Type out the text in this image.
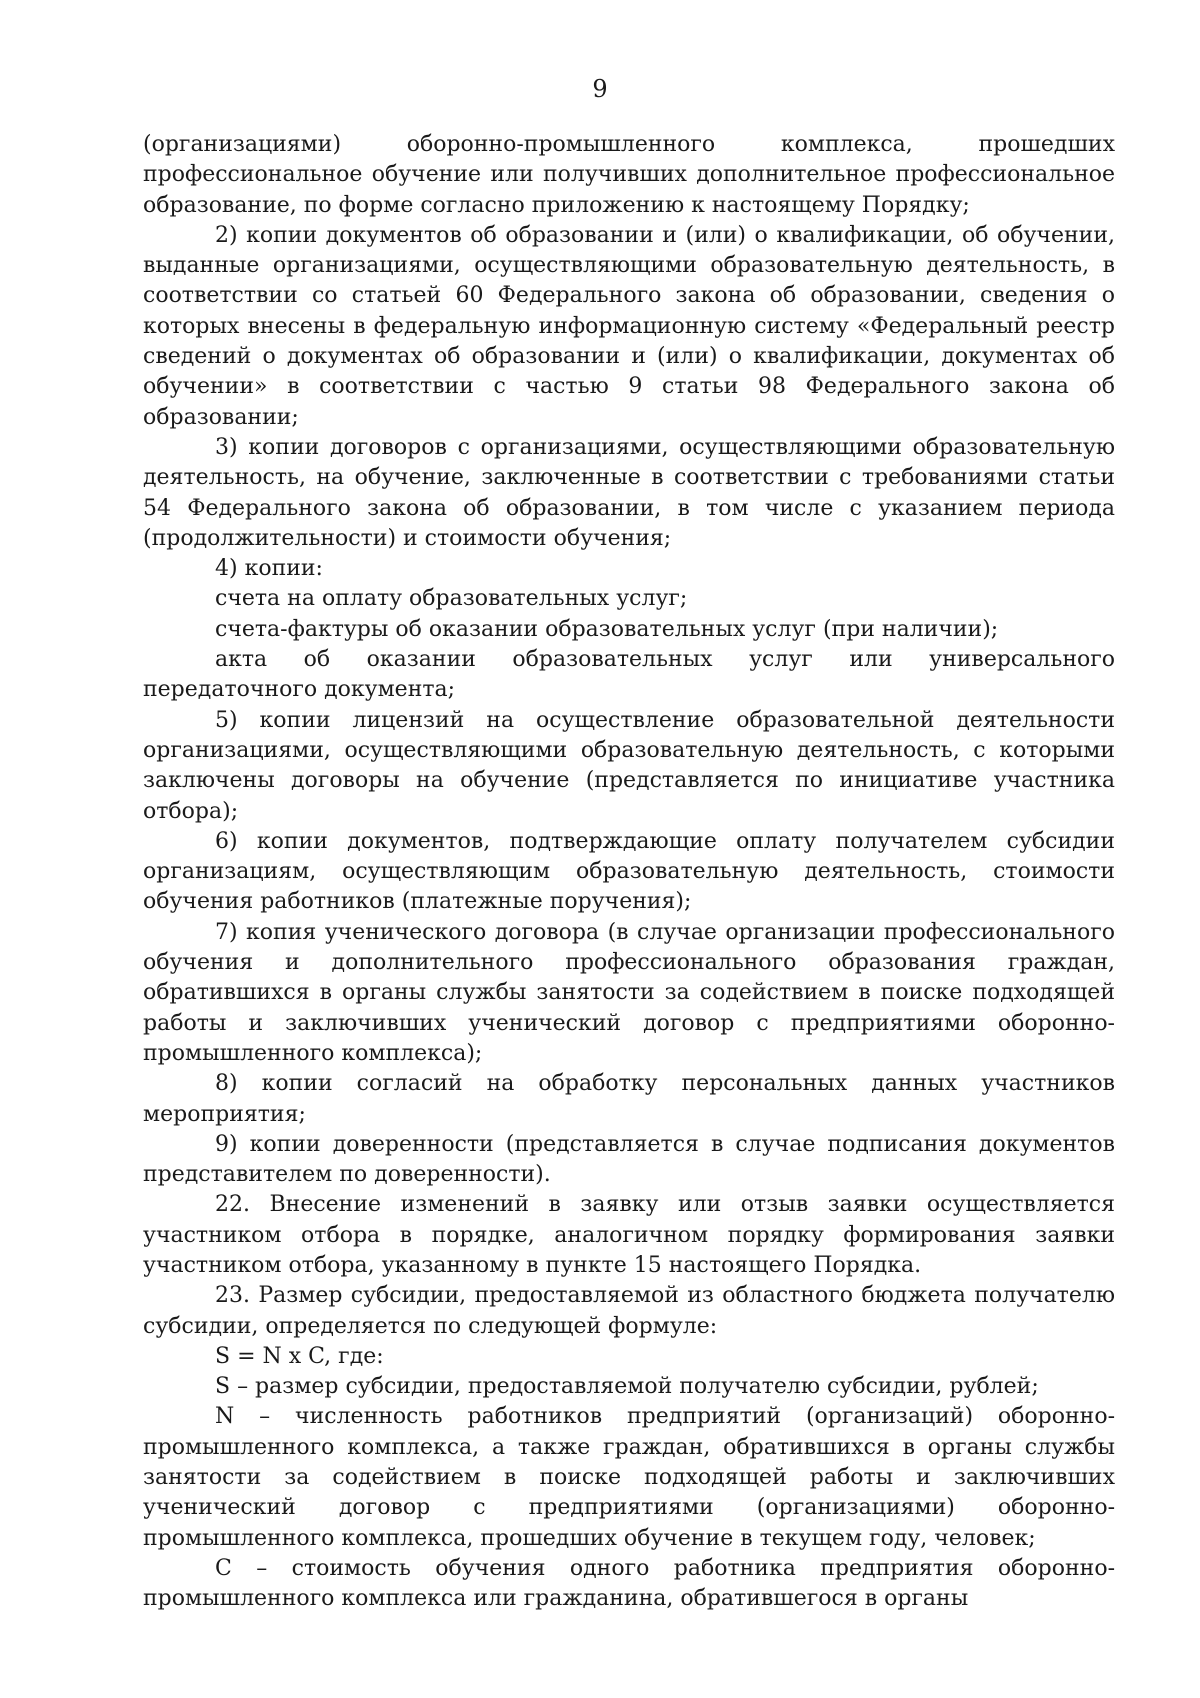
9

(организациями) оборонно-промышленного комплекса, прошедших профессиональное обучение или получивших дополнительное профессиональное образование, по форме согласно приложению к настоящему Порядку;

2) копии документов об образовании и (или) о квалификации, об обучении, выданные организациями, осуществляющими образовательную деятельность, в соответствии со статьей 60 Федерального закона об образовании, сведения о которых внесены в федеральную информационную систему «Федеральный реестр сведений о документах об образовании и (или) о квалификации, документах об обучении» в соответствии с частью 9 статьи 98 Федерального закона об образовании;

3) копии договоров с организациями, осуществляющими образовательную деятельность, на обучение, заключенные в соответствии с требованиями статьи 54 Федерального закона об образовании, в том числе с указанием периода (продолжительности) и стоимости обучения;

4) копии:

счета на оплату образовательных услуг;

счета-фактуры об оказании образовательных услуг (при наличии);

акта об оказании образовательных услуг или универсального передаточного документа;

5) копии лицензий на осуществление образовательной деятельности организациями, осуществляющими образовательную деятельность, с которыми заключены договоры на обучение (представляется по инициативе участника отбора);

6) копии документов, подтверждающие оплату получателем субсидии организациям, осуществляющим образовательную деятельность, стоимости обучения работников (платежные поручения);

7) копия ученического договора (в случае организации профессионального обучения и дополнительного профессионального образования граждан, обратившихся в органы службы занятости за содействием в поиске подходящей работы и заключивших ученический договор с предприятиями оборонно-промышленного комплекса);

8) копии согласий на обработку персональных данных участников мероприятия;

9) копии доверенности (представляется в случае подписания документов представителем по доверенности).

22. Внесение изменений в заявку или отзыв заявки осуществляется участником отбора в порядке, аналогичном порядку формирования заявки участником отбора, указанному в пункте 15 настоящего Порядка.

23. Размер субсидии, предоставляемой из областного бюджета получателю субсидии, определяется по следующей формуле:

S = N x C, где:

S – размер субсидии, предоставляемой получателю субсидии, рублей;

N – численность работников предприятий (организаций) оборонно-промышленного комплекса, а также граждан, обратившихся в органы службы занятости за содействием в поиске подходящей работы и заключивших ученический договор с предприятиями (организациями) оборонно-промышленного комплекса, прошедших обучение в текущем году, человек;

C – стоимость обучения одного работника предприятия оборонно-промышленного комплекса или гражданина, обратившегося в органы
